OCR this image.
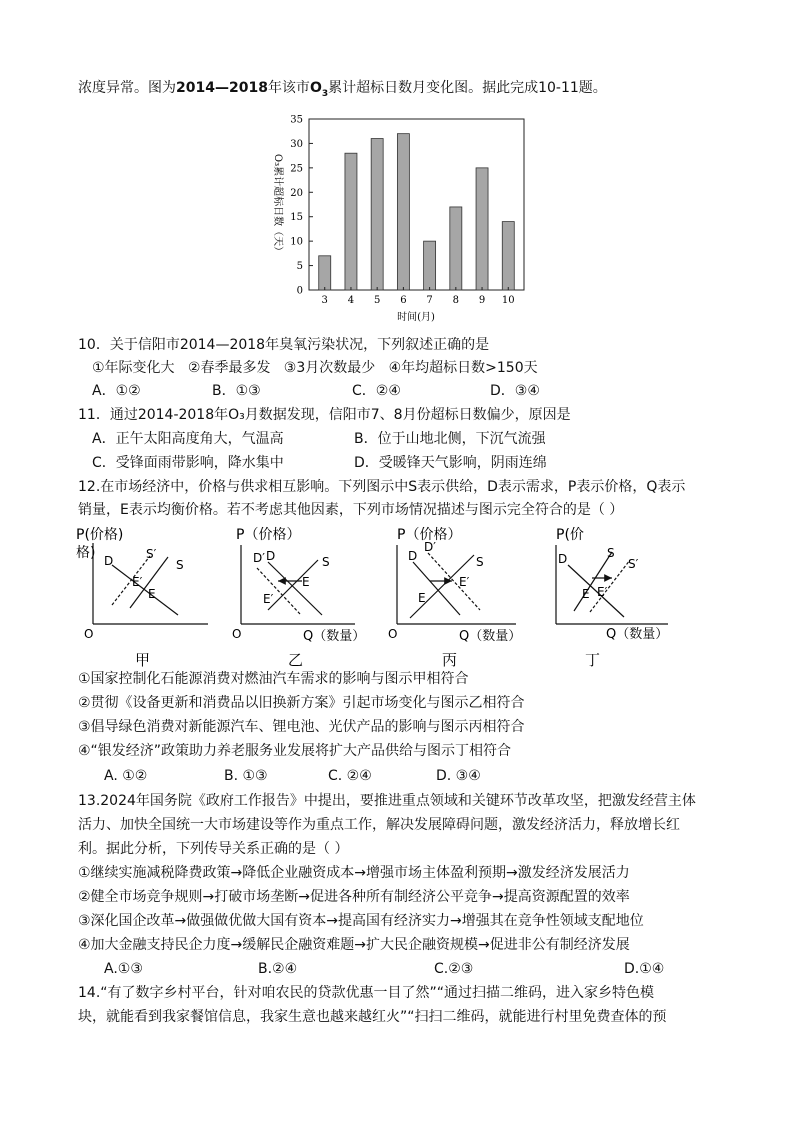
浓度异常。图为2014—2018年该市$O_3$累计超标日数月变化图。据此完成10-11题。
0
5
10
15
20
25
30
35
3 4 5 6 7 8 9 10
时间(月)
O₃累计超标日数（天）
10．关于信阳市2014—2018年臭氧污染状况，下列叙述正确的是
①年际变化大   ②春季最多发   ③3月次数最少   ④年均超标日数>150天
A．①②	B．①③	C．②④	D．③④
11．通过2014-2018年O₃月数据发现，信阳市7、8月份超标日数偏少，原因是
A．正午太阳高度角大，气温高	B．位于山地北侧，下沉气流强
C．受锋面雨带影响，降水集中	D．受暖锋天气影响，阴雨连绵
12.在市场经济中，价格与供求相互影响。下列图示中S表示供给，D表示需求，P表示价格，Q表示
销量，E表示均衡价格。若不考虑其他因素，下列市场情况描述与图示完全符合的是（ ）
P(价格)
格)
O
D	S
S′
E
E′
甲
P（价格）
O	Q（数量）
D
D′	S
E
E′
乙
P（价格）
O	Q（数量）
D
D′
S
E
E′
丙
P(价
Q（数量）
D	S
S′
E E′
丁
①国家控制化石能源消费对燃油汽车需求的影响与图示甲相符合
②贯彻《设备更新和消费品以旧换新方案》引起市场变化与图示乙相符合
③倡导绿色消费对新能源汽车、锂电池、光伏产品的影响与图示丙相符合
④“银发经济”政策助力养老服务业发展将扩大产品供给与图示丁相符合
A. ①②	B. ①③	C. ②④	D. ③④
13.2024年国务院《政府工作报告》中提出，要推进重点领域和关键环节改革攻坚，把激发经营主体
活力、加快全国统一大市场建设等作为重点工作，解决发展障碍问题，激发经济活力，释放增长红
利。据此分析，下列传导关系正确的是（ ）
①继续实施减税降费政策→降低企业融资成本→增强市场主体盈利预期→激发经济发展活力
②健全市场竞争规则→打破市场垄断→促进各种所有制经济公平竞争→提高资源配置的效率
③深化国企改革→做强做优做大国有资本→提高国有经济实力→增强其在竞争性领域支配地位
④加大金融支持民企力度→缓解民企融资难题→扩大民企融资规模→促进非公有制经济发展
A.①③	B.②④	C.②③	D.①④
14.“有了数字乡村平台，针对咱农民的贷款优惠一目了然”“通过扫描二维码，进入家乡特色模
块，就能看到我家餐馆信息，我家生意也越来越红火”“扫扫二维码，就能进行村里免费查体的预
